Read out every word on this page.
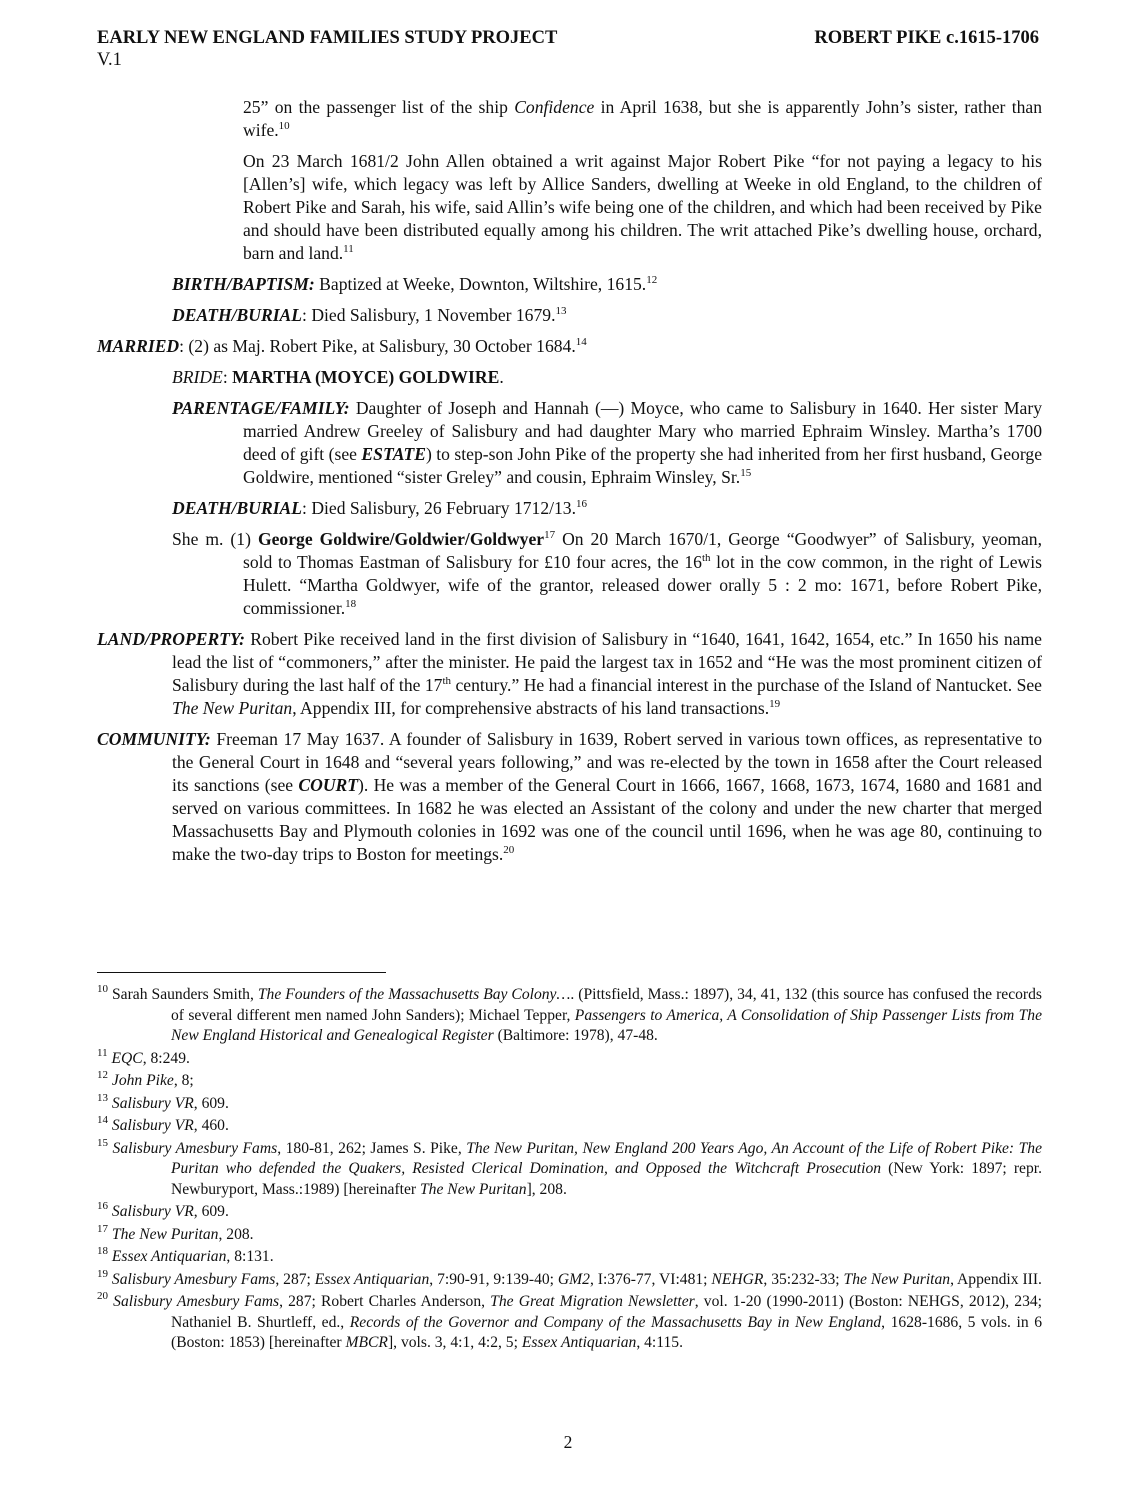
EARLY NEW ENGLAND FAMILIES STUDY PROJECT
V.1
ROBERT PIKE c.1615-1706

25” on the passenger list of the ship Confidence in April 1638, but she is apparently John’s sister, rather than wife.$^{10}$

On 23 March 1681/2 John Allen obtained a writ against Major Robert Pike “for not paying a legacy to his [Allen’s] wife, which legacy was left by Allice Sanders, dwelling at Weeke in old England, to the children of Robert Pike and Sarah, his wife, said Allin’s wife being one of the children, and which had been received by Pike and should have been distributed equally among his children. The writ attached Pike’s dwelling house, orchard, barn and land.$^{11}$

BIRTH/BAPTISM: Baptized at Weeke, Downton, Wiltshire, 1615.12

DEATH/BURIAL: Died Salisbury, 1 November 1679.13

MARRIED: (2) as Maj. Robert Pike, at Salisbury, 30 October 1684.14

BRIDE: MARTHA (MOYCE) GOLDWIRE.

PARENTAGE/FAMILY: Daughter of Joseph and Hannah (—) Moyce, who came to Salisbury in 1640. Her sister Mary married Andrew Greeley of Salisbury and had daughter Mary who married Ephraim Winsley. Martha’s 1700 deed of gift (see ESTATE) to step-son John Pike of the property she had inherited from her first husband, George Goldwire, mentioned “sister Greley” and cousin, Ephraim Winsley, Sr.$^{15}$

DEATH/BURIAL: Died Salisbury, 26 February 1712/13.16

She m. (1) George Goldwire/Goldwier/Goldwyer$^{17}$ On 20 March 1670/1, George “Goodwyer” of Salisbury, yeoman, sold to Thomas Eastman of Salisbury for £10 four acres, the 16th lot in the cow common, in the right of Lewis Hulett. “Martha Goldwyer, wife of the grantor, released dower orally 5 : 2 mo: 1671, before Robert Pike, commissioner.$^{18}$

LAND/PROPERTY: Robert Pike received land in the first division of Salisbury in “1640, 1641, 1642, 1654, etc.” In 1650 his name lead the list of “commoners,” after the minister. He paid the largest tax in 1652 and “He was the most prominent citizen of Salisbury during the last half of the 17th century.” He had a financial interest in the purchase of the Island of Nantucket. See The New Puritan, Appendix III, for comprehensive abstracts of his land transactions.$^{19}$

COMMUNITY: Freeman 17 May 1637. A founder of Salisbury in 1639, Robert served in various town offices, as representative to the General Court in 1648 and “several years following,” and was re-elected by the town in 1658 after the Court released its sanctions (see COURT). He was a member of the General Court in 1666, 1667, 1668, 1673, 1674, 1680 and 1681 and served on various committees. In 1682 he was elected an Assistant of the colony and under the new charter that merged Massachusetts Bay and Plymouth colonies in 1692 was one of the council until 1696, when he was age 80, continuing to make the two-day trips to Boston for meetings.$^{20}$

$^{10}$ Sarah Saunders Smith, The Founders of the Massachusetts Bay Colony…. (Pittsfield, Mass.: 1897), 34, 41, 132 (this source has confused the records of several different men named John Sanders); Michael Tepper, Passengers to America, A Consolidation of Ship Passenger Lists from The New England Historical and Genealogical Register (Baltimore: 1978), 47-48.

$^{11}$ EQC, 8:249.

$^{12}$ John Pike, 8;

$^{13}$ Salisbury VR, 609.

$^{14}$ Salisbury VR, 460.

$^{15}$ Salisbury Amesbury Fams, 180-81, 262; James S. Pike, The New Puritan, New England 200 Years Ago, An Account of the Life of Robert Pike: The Puritan who defended the Quakers, Resisted Clerical Domination, and Opposed the Witchcraft Prosecution (New York: 1897; repr. Newburyport, Mass.:1989) [hereinafter The New Puritan], 208.

$^{16}$ Salisbury VR, 609.

$^{17}$ The New Puritan, 208.

$^{18}$ Essex Antiquarian, 8:131.

$^{19}$ Salisbury Amesbury Fams, 287; Essex Antiquarian, 7:90-91, 9:139-40; GM2, I:376-77, VI:481; NEHGR, 35:232-33; The New Puritan, Appendix III.

$^{20}$ Salisbury Amesbury Fams, 287; Robert Charles Anderson, The Great Migration Newsletter, vol. 1-20 (1990-2011) (Boston: NEHGS, 2012), 234; Nathaniel B. Shurtleff, ed., Records of the Governor and Company of the Massachusetts Bay in New England, 1628-1686, 5 vols. in 6 (Boston: 1853) [hereinafter MBCR], vols. 3, 4:1, 4:2, 5; Essex Antiquarian, 4:115.

2
